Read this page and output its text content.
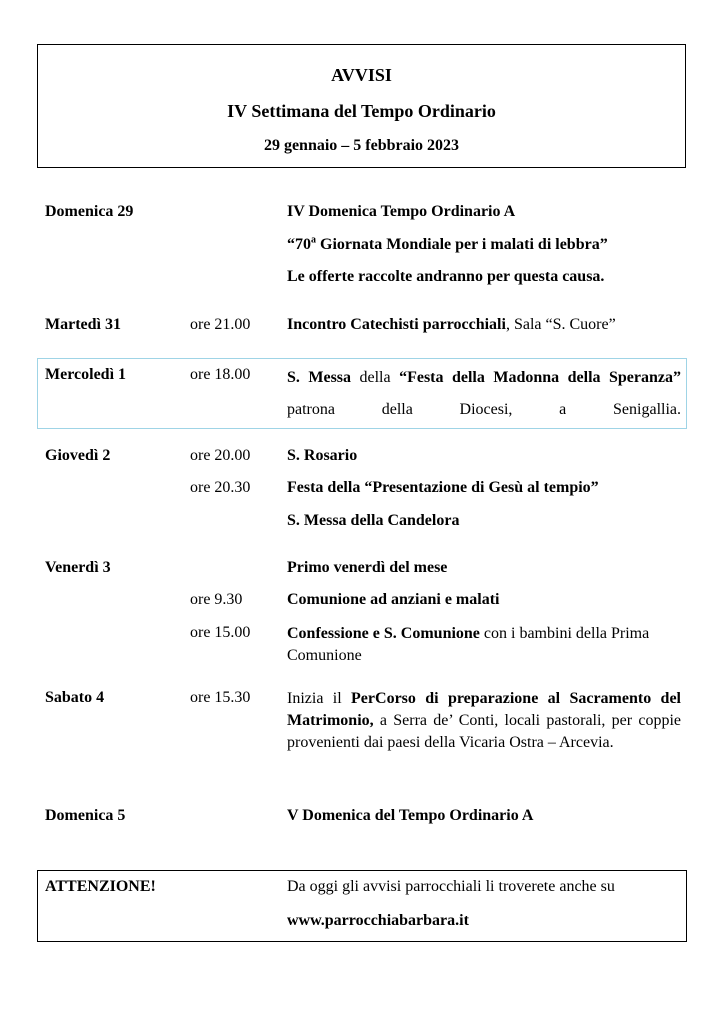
AVVISI
IV Settimana del Tempo Ordinario
29 gennaio – 5 febbraio 2023
Domenica 29	IV Domenica Tempo Ordinario A
“70$^a$ Giornata Mondiale per i malati di lebbra”
Le offerte raccolte andranno per questa causa.
Martedì 31	ore 21.00 Incontro Catechisti parrocchiali, Sala “S. Cuore”
Mercoledì 1	ore 18.00 S. Messa della “Festa della Madonna della Speranza” patrona della Diocesi, a Senigallia.
Giovedì 2	ore 20.00 S. Rosario
ore 20.30 Festa della “Presentazione di Gesù al tempio”
S. Messa della Candelora
Venerdì 3	Primo venerdì del mese
ore 9.30	Comunione ad anziani e malati
ore 15.00 Confessione e S. Comunione con i bambini della Prima Comunione
Sabato 4	ore 15.30 Inizia il PerCorso di preparazione al Sacramento del Matrimonio, a Serra de’ Conti, locali pastorali, per coppie provenienti dai paesi della Vicaria Ostra – Arcevia.
Domenica 5	V Domenica del Tempo Ordinario A
ATTENZIONE!	Da oggi gli avvisi parrocchiali li troverete anche su
www.parrocchiabarbara.it
